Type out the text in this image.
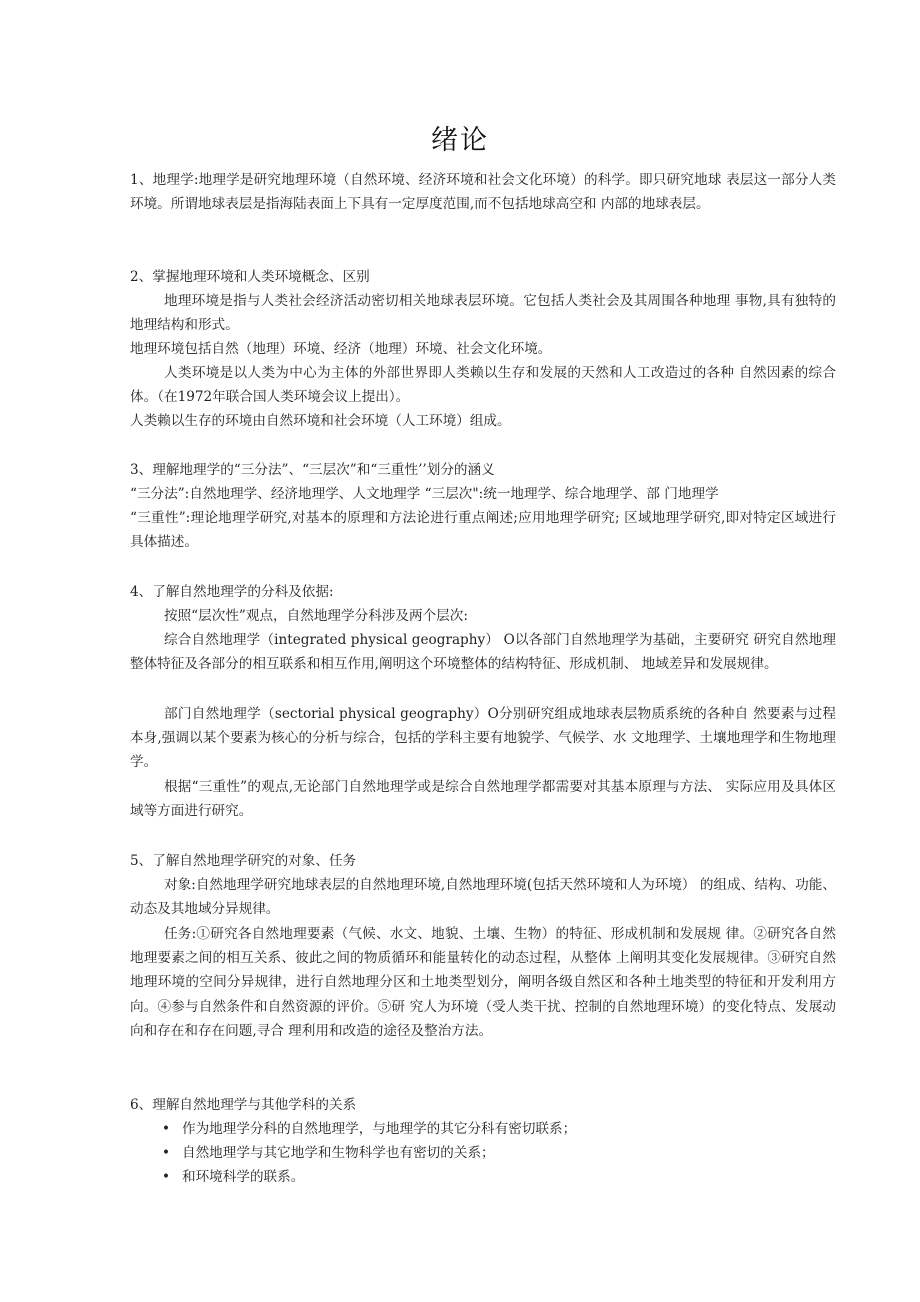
绪论

1、地理学:地理学是研究地理环境（自然环境、经济环境和社会文化环境）的科学。即只研究地球 表层这一部分人类环境。所谓地球表层是指海陆表面上下具有一定厚度范围,而不包括地球高空和 内部的地球表层。

2、掌握地理环境和人类环境概念、区别

地理环境是指与人类社会经济活动密切相关地球表层环境。它包括人类社会及其周围各种地理 事物,具有独特的地理结构和形式。

地理环境包括自然（地理）环境、经济（地理）环境、社会文化环境。

人类环境是以人类为中心为主体的外部世界即人类赖以生存和发展的天然和人工改造过的各种 自然因素的综合体。（在1972年联合国人类环境会议上提出）。

人类赖以生存的环境由自然环境和社会环境（人工环境）组成。

3、理解地理学的“三分法”、“三层次”和“三重性’’划分的涵义

“三分法”:自然地理学、经济地理学、人文地理学 “三层次":统一地理学、综合地理学、部 门地理学

“三重性”:理论地理学研究,对基本的原理和方法论进行重点阐述;应用地理学研究; 区域地理学研究,即对特定区域进行具体描述。

4、了解自然地理学的分科及依据:

按照“层次性”观点，自然地理学分科涉及两个层次:

综合自然地理学（integrated physical geography） O以各部门自然地理学为基础，主要研究 研究自然地理整体特征及各部分的相互联系和相互作用,阐明这个环境整体的结构特征、形成机制、 地域差异和发展规律。

部门自然地理学（sectorial physical geography）O分别研究组成地球表层物质系统的各种自 然要素与过程本身,强调以某个要素为核心的分析与综合，包括的学科主要有地貌学、气候学、水 文地理学、土壤地理学和生物地理学。

根据“三重性”的观点,无论部门自然地理学或是综合自然地理学都需要对其基本原理与方法、 实际应用及具体区域等方面进行研究。

5、了解自然地理学研究的对象、任务

对象:自然地理学研究地球表层的自然地理环境,自然地理环境(包括天然环境和人为环境） 的组成、结构、功能、动态及其地域分异规律。

任务:①研究各自然地理要素（气候、水文、地貌、土壤、生物）的特征、形成机制和发展规 律。②研究各自然地理要素之间的相互关系、彼此之间的物质循环和能量转化的动态过程，从整体 上阐明其变化发展规律。③研究自然地理环境的空间分异规律，进行自然地理分区和土地类型划分，阐明各级自然区和各种土地类型的特征和开发利用方向。④参与自然条件和自然资源的评价。⑤研 究人为环境（受人类干扰、控制的自然地理环境）的变化特点、发展动向和存在和存在问题,寻合 理利用和改造的途径及整治方法。

6、理解自然地理学与其他学科的关系

• 作为地理学分科的自然地理学，与地理学的其它分科有密切联系；
• 自然地理学与其它地学和生物科学也有密切的关系；
• 和环境科学的联系。
